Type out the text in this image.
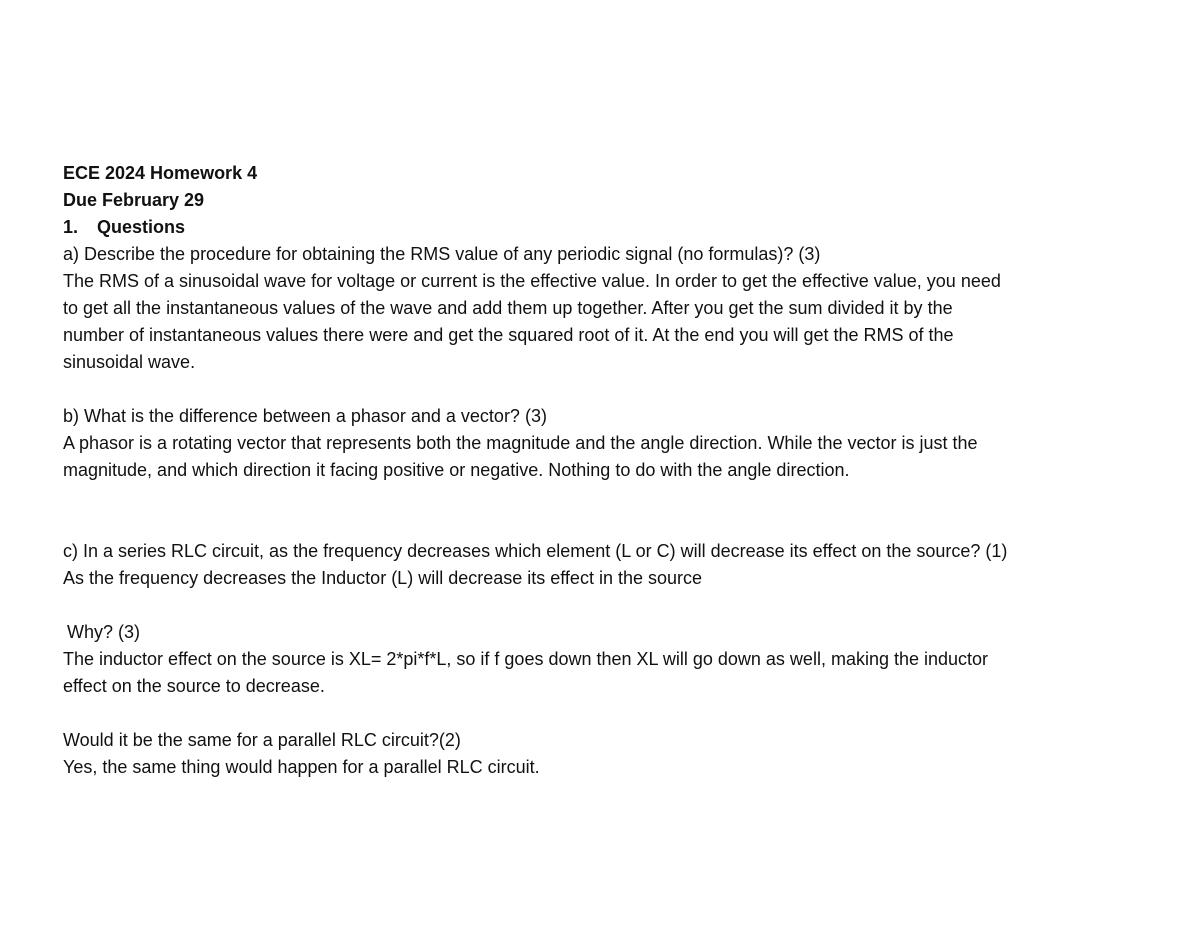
ECE 2024 Homework 4
Due February 29
1. Questions
a) Describe the procedure for obtaining the RMS value of any periodic signal (no formulas)? (3)
The RMS of a sinusoidal wave for voltage or current is the effective value. In order to get the effective value, you need
to get all the instantaneous values of the wave and add them up together. After you get the sum divided it by the
number of instantaneous values there were and get the squared root of it. At the end you will get the RMS of the
sinusoidal wave.
b) What is the difference between a phasor and a vector? (3)
A phasor is a rotating vector that represents both the magnitude and the angle direction. While the vector is just the
magnitude, and which direction it facing positive or negative. Nothing to do with the angle direction.
c) In a series RLC circuit, as the frequency decreases which element (L or C) will decrease its effect on the source? (1)
As the frequency decreases the Inductor (L) will decrease its effect in the source
Why? (3)
The inductor effect on the source is XL= 2*pi*f*L, so if f goes down then XL will go down as well, making the inductor
effect on the source to decrease.
Would it be the same for a parallel RLC circuit?(2)
Yes, the same thing would happen for a parallel RLC circuit.
